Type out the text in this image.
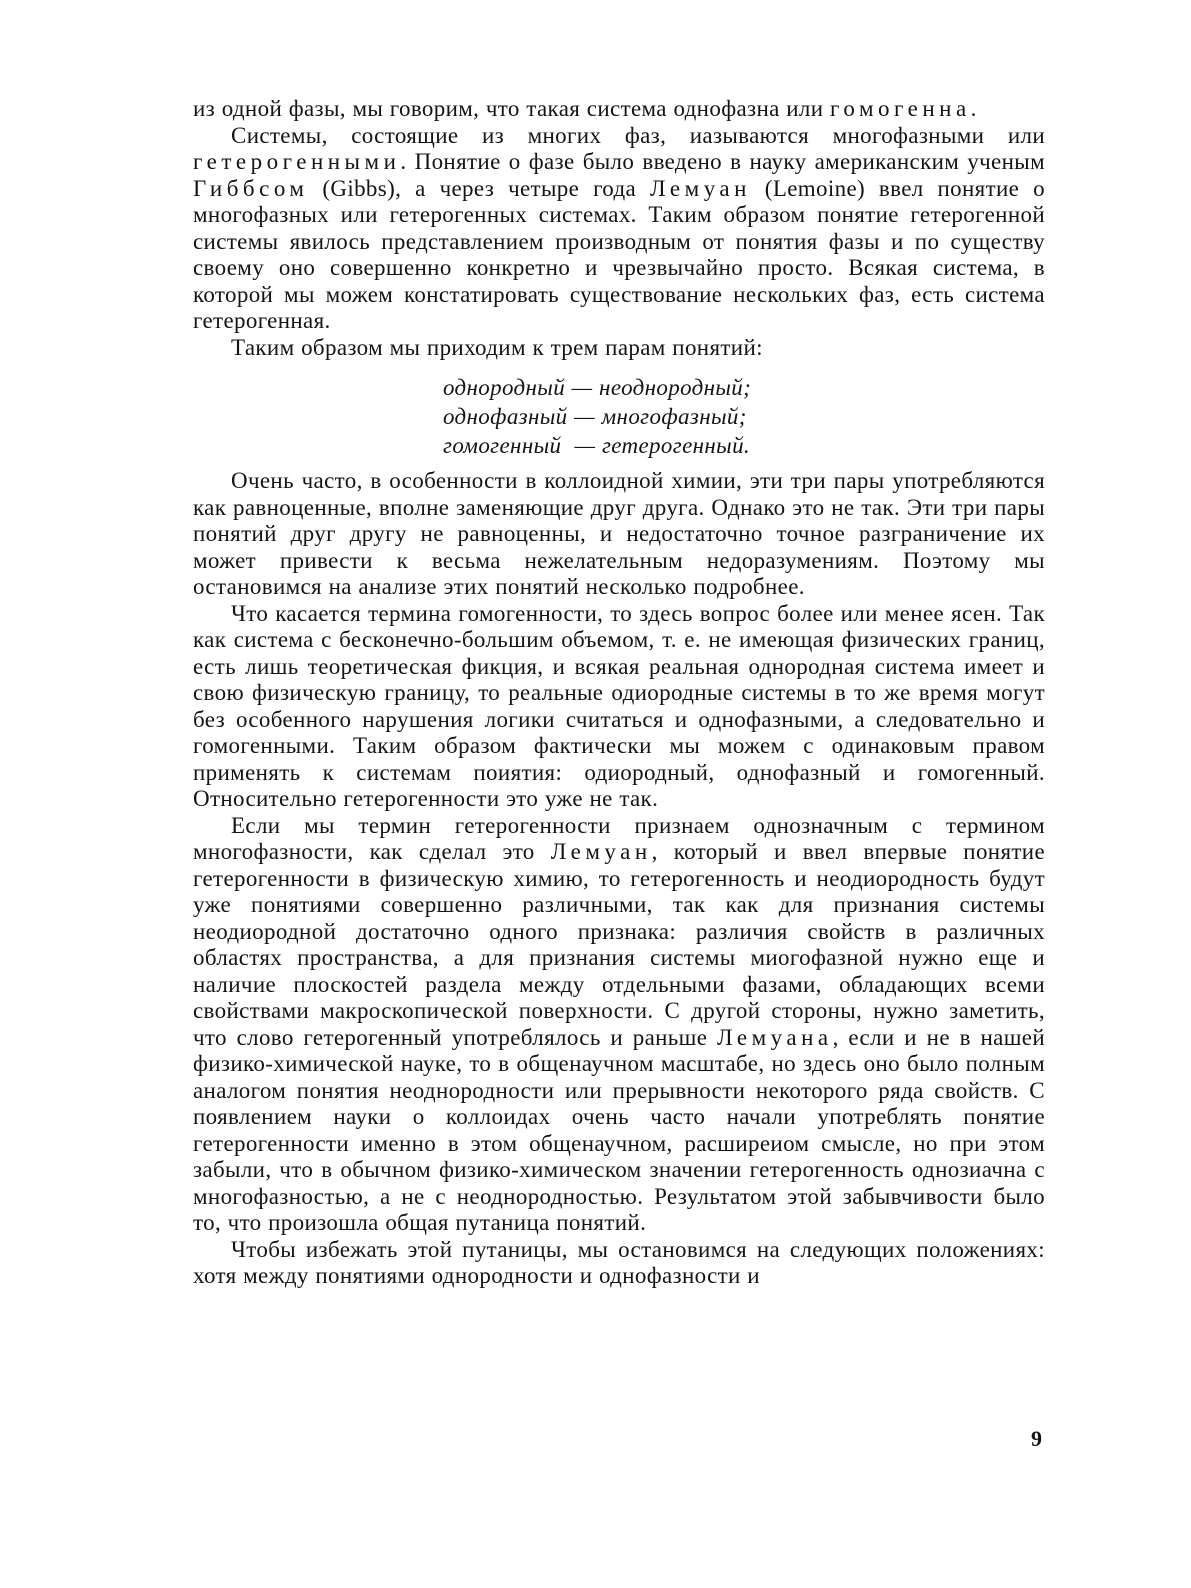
из одной фазы, мы говорим, что такая система однофазна или гомогенна.

Системы, состоящие из многих фаз, иазываются многофазными или гетерогенными. Понятие о фазе было введено в науку американским ученым Гиббсом (Gibbs), а через четыре года Лемуан (Lemoine) ввел понятие о многофазных или гетерогенных системах. Таким образом понятие гетерогенной системы явилось представлением производным от понятия фазы и по существу своему оно совершенно конкретно и чрезвычайно просто. Всякая система, в которой мы можем констатировать существование нескольких фаз, есть система гетерогенная.

Таким образом мы приходим к трем парам понятий:

однородный — неоднородный;
однофазный — многофазный;
гомогенный  — гетерогенный.

Очень часто, в особенности в коллоидной химии, эти три пары употребляются как равноценные, вполне заменяющие друг друга. Однако это не так. Эти три пары понятий друг другу не равноценны, и недостаточно точное разграничение их может привести к весьма нежелательным недоразумениям. Поэтому мы остановимся на анализе этих понятий несколько подробнее.

Что касается термина гомогенности, то здесь вопрос более или менее ясен. Так как система с бесконечно-большим объемом, т. е. не имеющая физических границ, есть лишь теоретическая фикция, и всякая реальная однородная система имеет и свою физическую границу, то реальные одиородные системы в то же время могут без особенного нарушения логики считаться и однофазными, а следовательно и гомогенными. Таким образом фактически мы можем с одинаковым правом применять к системам поиятия: одиородный, однофазный и гомогенный. Относительно гетерогенности это уже не так.

Если мы термин гетерогенности признаем однозначным с термином многофазности, как сделал это Лемуан, который и ввел впервые понятие гетерогенности в физическую химию, то гетерогенность и неодиородность будут уже понятиями совершенно различными, так как для признания системы неодиородной достаточно одного признака: различия свойств в различных областях пространства, а для признания системы миогофазной нужно еще и наличие плоскостей раздела между отдельными фазами, обладающих всеми свойствами макроскопической поверхности. С другой стороны, нужно заметить, что слово гетерогенный употреблялось и раньше Лемуана, если и не в нашей физико-химической науке, то в общенаучном масштабе, но здесь оно было полным аналогом понятия неоднородности или прерывности некоторого ряда свойств. С появлением науки о коллоидах очень часто начали употреблять понятие гетерогенности именно в этом общенаучном, расширеиом смысле, но при этом забыли, что в обычном физико-химическом значении гетерогенность однозиачна с многофазностью, а не с неоднородностью. Результатом этой забывчивости было то, что произошла общая путаница понятий.

Чтобы избежать этой путаницы, мы остановимся на следующих положениях: хотя между понятиями однородности и однофазности и

9
